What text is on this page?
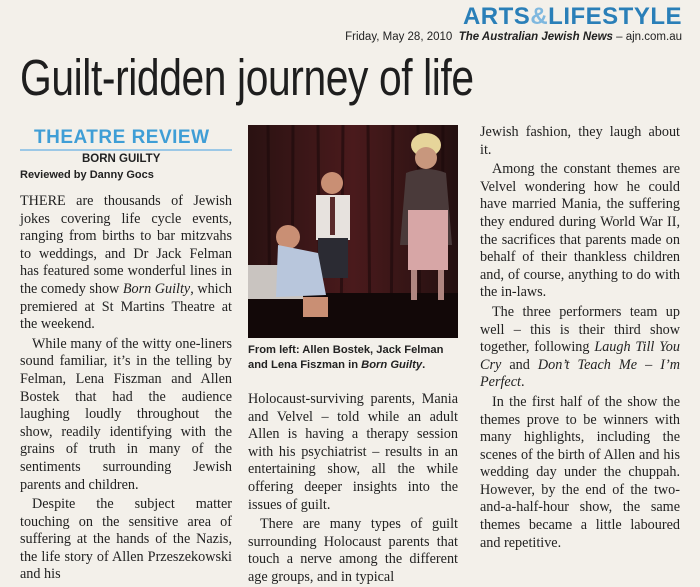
ARTS&LIFESTYLE
Friday, May 28, 2010 The Australian Jewish News – ajn.com.au
Guilt-ridden journey of life
THEATRE REVIEW
BORN GUILTY
Reviewed by Danny Gocs

THERE are thousands of Jewish jokes covering life cycle events, ranging from births to bar mitzvahs to weddings, and Dr Jack Felman has featured some wonderful lines in the comedy show Born Guilty, which premiered at St Martins Theatre at the weekend.

While many of the witty one-liners sound familiar, it’s in the telling by Felman, Lena Fiszman and Allen Bostek that had the audience laughing loudly throughout the show, readily identifying with the grains of truth in many of the sentiments surrounding Jewish parents and children.

Despite the subject matter touching on the sensitive area of suffering at the hands of the Nazis, the life story of Allen Przeszekowski and his

From left: Allen Bostek, Jack Felman and Lena Fiszman in Born Guilty.

Holocaust-surviving parents, Mania and Velvel – told while an adult Allen is having a therapy session with his psychiatrist – results in an entertaining show, all the while offering deeper insights into the issues of guilt.

There are many types of guilt surrounding Holocaust parents that touch a nerve among the different age groups, and in typical

Jewish fashion, they laugh about it.

Among the constant themes are Velvel wondering how he could have married Mania, the suffering they endured during World War II, the sacrifices that parents made on behalf of their thankless children and, of course, anything to do with the in-laws.

The three performers team up well – this is their third show together, following Laugh Till You Cry and Don’t Teach Me – I’m Perfect.

In the first half of the show the themes prove to be winners with many highlights, including the scenes of the birth of Allen and his wedding day under the chuppah. However, by the end of the two-and-a-half-hour show, the same themes became a little laboured and repetitive.
